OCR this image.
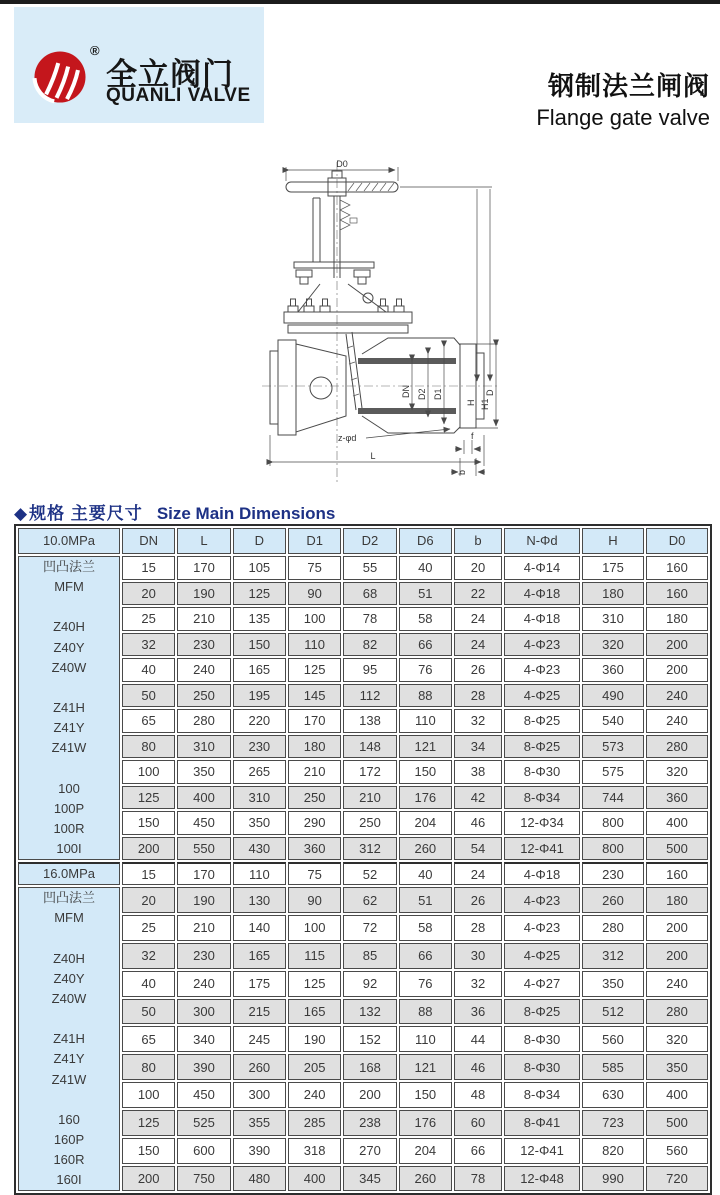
®
全立阀门
QUANLI VALVE	钢制法兰闸阀
Flange gate valve
D0
H H1
DN D2 D1	D
z-φd
L
f
b
◆ 规格 主要尺寸 Size Main Dimensions
10.0MPa	DN	L	D	D1	D2	D6	b	N-Φd	H	D0

凹凸法兰
MFM

Z40H
Z40Y
Z40W

Z41H
Z41Y
Z41W

100
100P
100R
100I
	15	170	105	75	55	40	20	4-Φ14	175	160
	20	190	125	90	68	51	22	4-Φ18	180	160
	25	210	135	100	78	58	24	4-Φ18	310	180
	32	230	150	110	82	66	24	4-Φ23	320	200
	40	240	165	125	95	76	26	4-Φ23	360	200
	50	250	195	145	112	88	28	4-Φ25	490	240
	65	280	220	170	138	110	32	8-Φ25	540	240
	80	310	230	180	148	121	34	8-Φ25	573	280
	100	350	265	210	172	150	38	8-Φ30	575	320
	125	400	310	250	210	176	42	8-Φ34	744	360
	150	450	350	290	250	204	46	12-Φ34	800	400
	200	550	430	360	312	260	54	12-Φ41	800	500
16.0MPa	15	170	110	75	52	40	24	4-Φ18	230	160

凹凸法兰
MFM

Z40H
Z40Y
Z40W

Z41H
Z41Y
Z41W

160
160P
160R
160I
	20	190	130	90	62	51	26	4-Φ23	260	180
	25	210	140	100	72	58	28	4-Φ23	280	200
	32	230	165	115	85	66	30	4-Φ25	312	200
	40	240	175	125	92	76	32	4-Φ27	350	240
	50	300	215	165	132	88	36	8-Φ25	512	280
	65	340	245	190	152	110	44	8-Φ30	560	320
	80	390	260	205	168	121	46	8-Φ30	585	350
	100	450	300	240	200	150	48	8-Φ34	630	400
	125	525	355	285	238	176	60	8-Φ41	723	500
	150	600	390	318	270	204	66	12-Φ41	820	560
	200	750	480	400	345	260	78	12-Φ48	990	720
